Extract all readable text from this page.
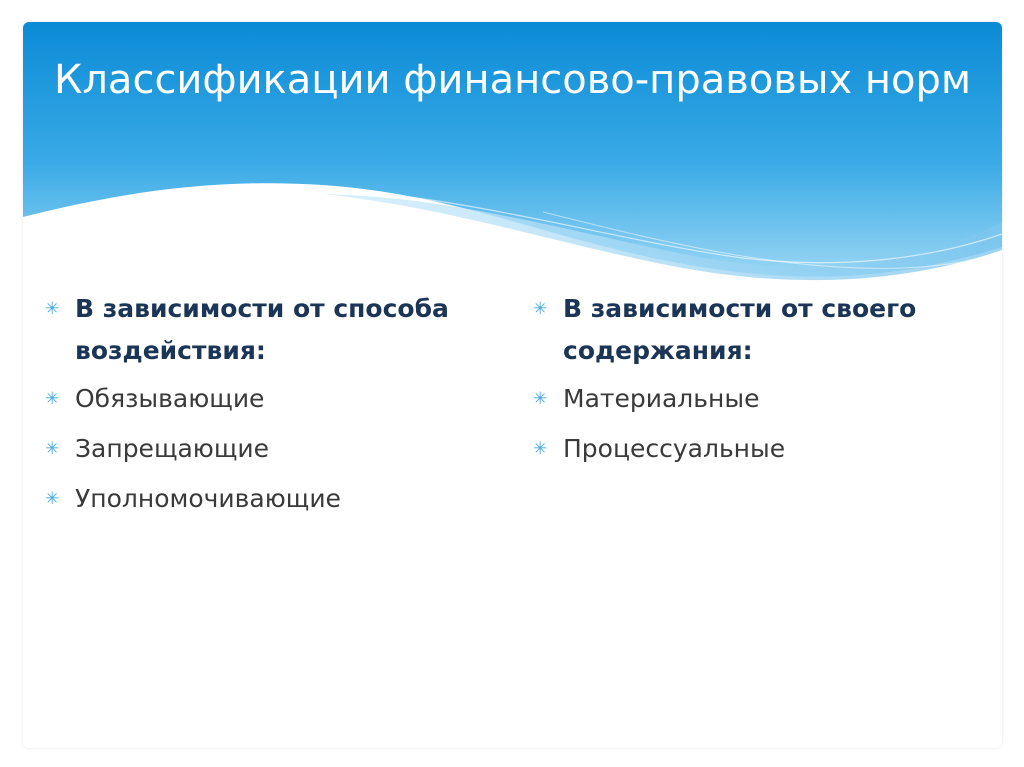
Классификации финансово-правовых норм
✳ В зависимости от способа воздействия:
✳ Обязывающие
✳ Запрещающие
✳ Уполномочивающие
✳ В зависимости от своего содержания:
✳ Материальные
✳ Процессуальные
